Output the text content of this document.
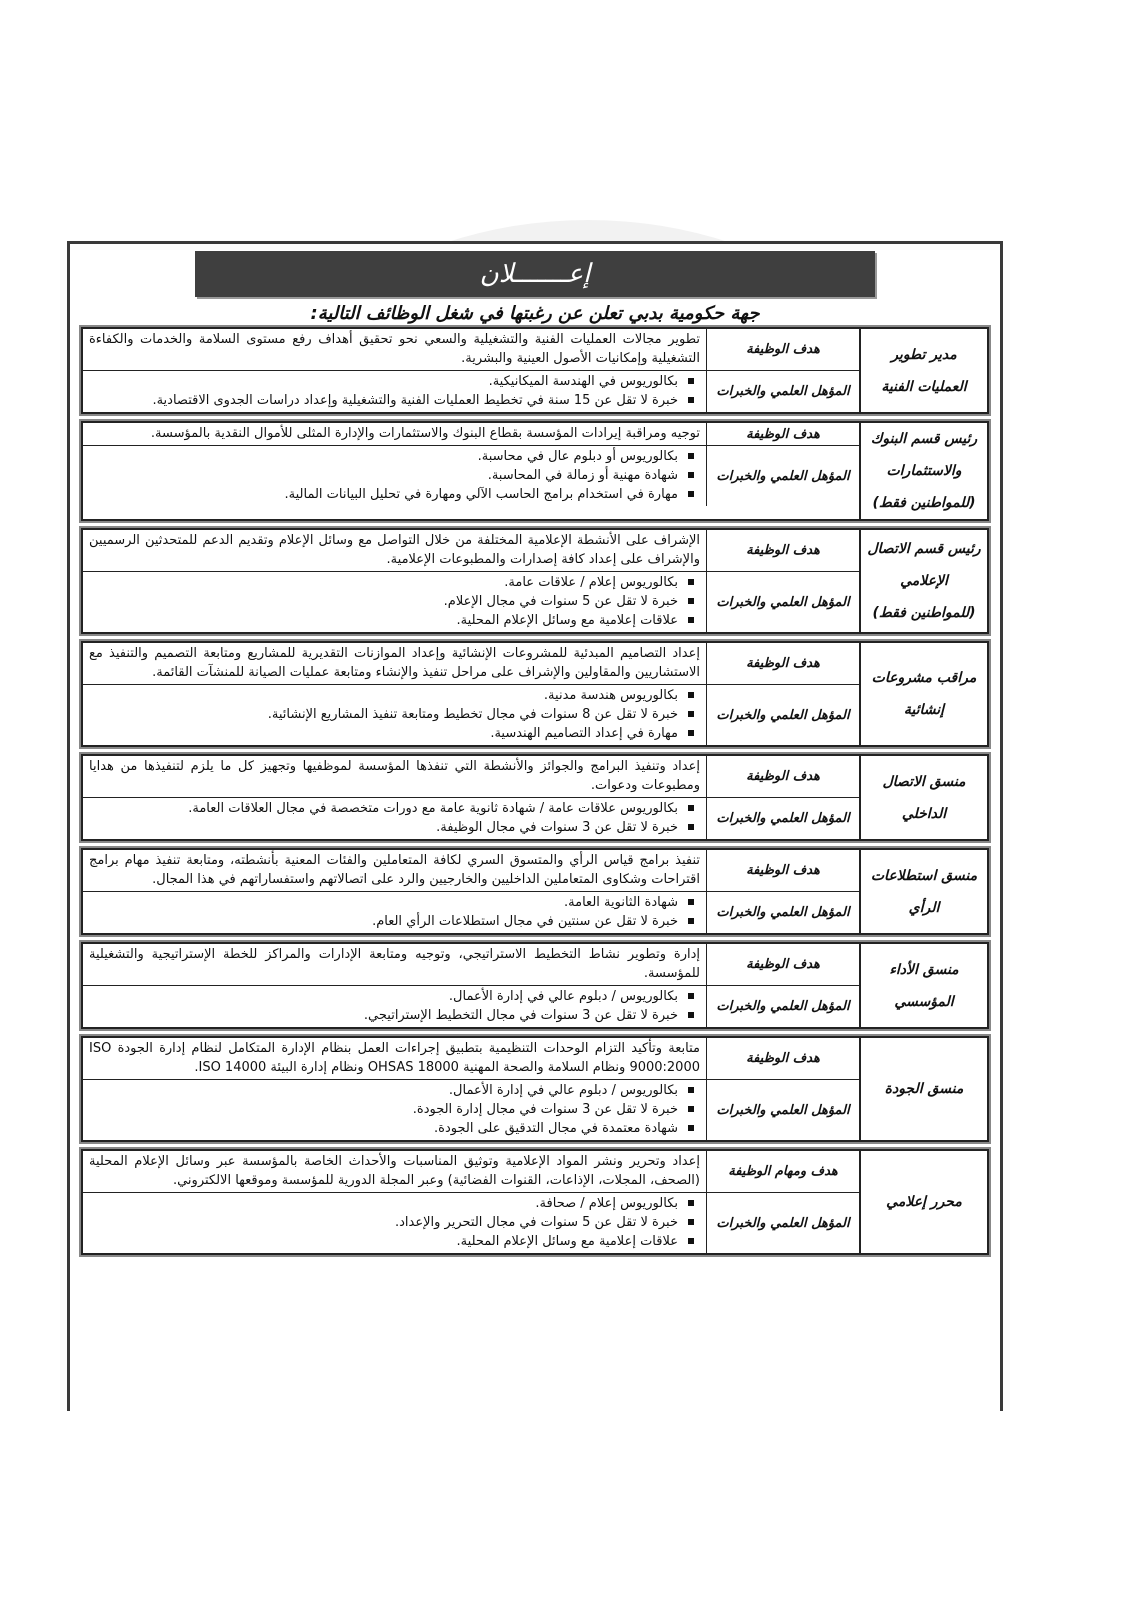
إعـــــــلان
جهة حكومية بدبي تعلن عن رغبتها في شغل الوظائف التالية:
مدير تطوير العمليات الفنية
هدف الوظيفة
تطوير مجالات العمليات الفنية والتشغيلية والسعي نحو تحقيق أهداف رفع مستوى السلامة والخدمات والكفاءة التشغيلية وإمكانيات الأصول العينية والبشرية.
المؤهل العلمي والخبرات
بكالوريوس في الهندسة الميكانيكية.
خبرة لا تقل عن 15 سنة في تخطيط العمليات الفنية والتشغيلية وإعداد دراسات الجدوى الاقتصادية.
رئيس قسم البنوك والاستثمارات (للمواطنين فقط)
هدف الوظيفة
توجيه ومراقبة إيرادات المؤسسة بقطاع البنوك والاستثمارات والإدارة المثلى للأموال النقدية بالمؤسسة.
المؤهل العلمي والخبرات
بكالوريوس أو دبلوم عال في محاسبة.
شهادة مهنية أو زمالة في المحاسبة.
مهارة في استخدام برامج الحاسب الآلي ومهارة في تحليل البيانات المالية.
رئيس قسم الاتصال الإعلامي (للمواطنين فقط)
هدف الوظيفة
الإشراف على الأنشطة الإعلامية المختلفة من خلال التواصل مع وسائل الإعلام وتقديم الدعم للمتحدثين الرسميين والإشراف على إعداد كافة إصدارات والمطبوعات الإعلامية.
المؤهل العلمي والخبرات
بكالوريوس إعلام / علاقات عامة.
خبرة لا تقل عن 5 سنوات في مجال الإعلام.
علاقات إعلامية مع وسائل الإعلام المحلية.
مراقب مشروعات إنشائية
هدف الوظيفة
إعداد التصاميم المبدئية للمشروعات الإنشائية وإعداد الموازنات التقديرية للمشاريع ومتابعة التصميم والتنفيذ مع الاستشاريين والمقاولين والإشراف على مراحل تنفيذ والإنشاء ومتابعة عمليات الصيانة للمنشآت القائمة.
المؤهل العلمي والخبرات
بكالوريوس هندسة مدنية.
خبرة لا تقل عن 8 سنوات في مجال تخطيط ومتابعة تنفيذ المشاريع الإنشائية.
مهارة في إعداد التصاميم الهندسية.
منسق الاتصال الداخلي
هدف الوظيفة
إعداد وتنفيذ البرامج والجوائز والأنشطة التي تنفذها المؤسسة لموظفيها وتجهيز كل ما يلزم لتنفيذها من هدايا ومطبوعات ودعوات.
المؤهل العلمي والخبرات
بكالوريوس علاقات عامة / شهادة ثانوية عامة مع دورات متخصصة في مجال العلاقات العامة.
خبرة لا تقل عن 3 سنوات في مجال الوظيفة.
منسق استطلاعات الرأي
هدف الوظيفة
تنفيذ برامج قياس الرأي والمتسوق السري لكافة المتعاملين والفئات المعنية بأنشطته، ومتابعة تنفيذ مهام برامج اقتراحات وشكاوى المتعاملين الداخليين والخارجيين والرد على اتصالاتهم واستفساراتهم في هذا المجال.
المؤهل العلمي والخبرات
شهادة الثانوية العامة.
خبرة لا تقل عن سنتين في مجال استطلاعات الرأي العام.
منسق الأداء المؤسسي
هدف الوظيفة
إدارة وتطوير نشاط التخطيط الاستراتيجي، وتوجيه ومتابعة الإدارات والمراكز للخطة الإستراتيجية والتشغيلية للمؤسسة.
المؤهل العلمي والخبرات
بكالوريوس / دبلوم عالي في إدارة الأعمال.
خبرة لا تقل عن 3 سنوات في مجال التخطيط الإستراتيجي.
منسق الجودة
هدف الوظيفة
متابعة وتأكيد التزام الوحدات التنظيمية بتطبيق إجراءات العمل بنظام الإدارة المتكامل لنظام إدارة الجودة ISO 9000:2000 ونظام السلامة والصحة المهنية OHSAS 18000 ونظام إدارة البيئة ISO 14000.
المؤهل العلمي والخبرات
بكالوريوس / دبلوم عالي في إدارة الأعمال.
خبرة لا تقل عن 3 سنوات في مجال إدارة الجودة.
شهادة معتمدة في مجال التدقيق على الجودة.
محرر إعلامي
هدف ومهام الوظيفة
إعداد وتحرير ونشر المواد الإعلامية وتوثيق المناسبات والأحداث الخاصة بالمؤسسة عبر وسائل الإعلام المحلية (الصحف، المجلات، الإذاعات، القنوات الفضائية) وعبر المجلة الدورية للمؤسسة وموقعها الالكتروني.
المؤهل العلمي والخبرات
بكالوريوس إعلام / صحافة.
خبرة لا تقل عن 5 سنوات في مجال التحرير والإعداد.
علاقات إعلامية مع وسائل الإعلام المحلية.
